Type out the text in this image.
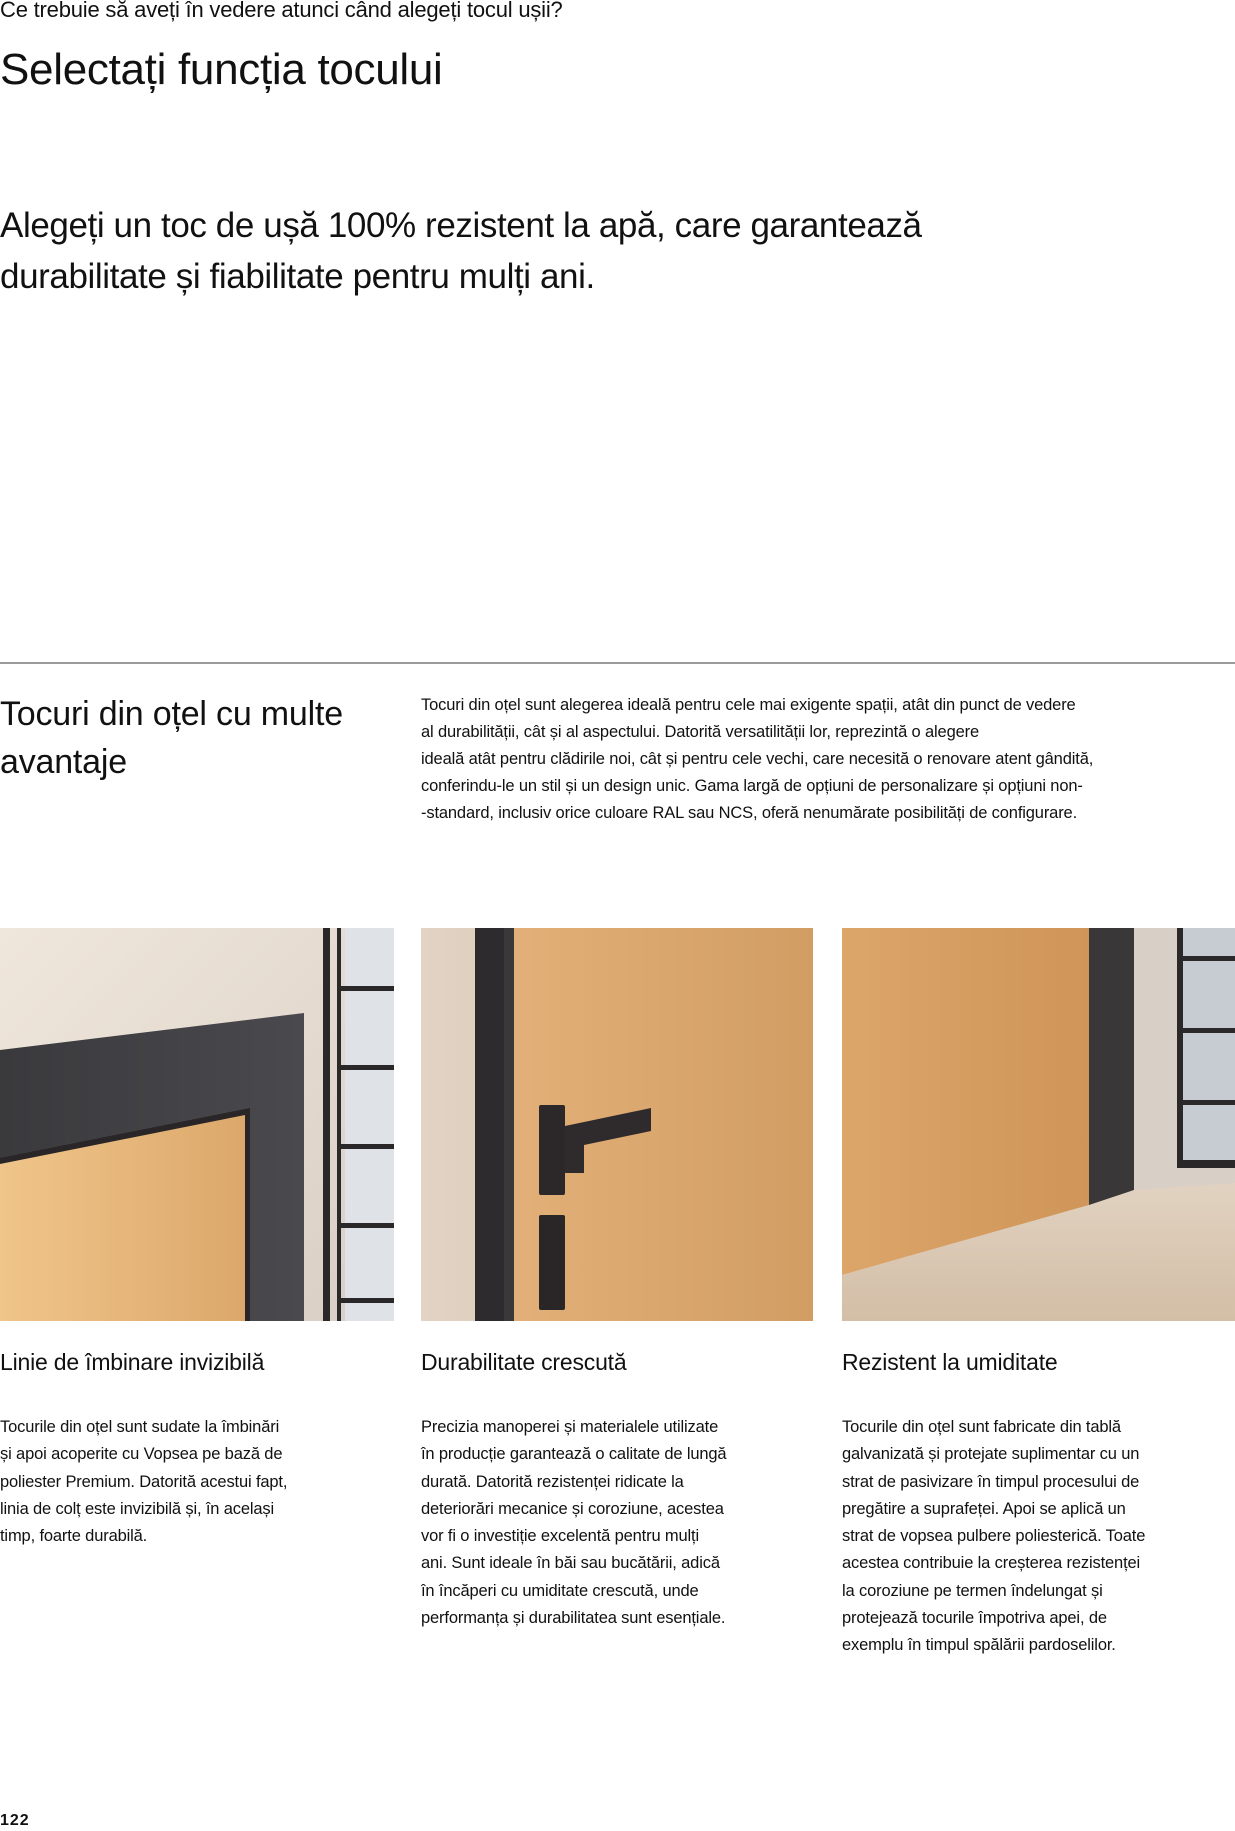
Ce trebuie să aveți în vedere atunci când alegeți tocul ușii?
Selectați funcția tocului
Alegeți un toc de ușă 100% rezistent la apă, care garantează
durabilitate și fiabilitate pentru mulți ani.
Tocuri din oțel cu multe
avantaje
Tocuri din oțel sunt alegerea ideală pentru cele mai exigente spații, atât din punct de vedere
al durabilității, cât și al aspectului. Datorită versatilității lor, reprezintă o alegere
ideală atât pentru clădirile noi, cât și pentru cele vechi, care necesită o renovare atent gândită,
conferindu-le un stil și un design unic. Gama largă de opțiuni de personalizare și opțiuni non-
-standard, inclusiv orice culoare RAL sau NCS, oferă nenumărate posibilități de configurare.
Linie de îmbinare invizibilă
Tocurile din oțel sunt sudate la îmbinări
și apoi acoperite cu Vopsea pe bază de
poliester Premium. Datorită acestui fapt,
linia de colț este invizibilă și, în același
timp, foarte durabilă.
Durabilitate crescută
Precizia manoperei și materialele utilizate
în producție garantează o calitate de lungă
durată. Datorită rezistenței ridicate la
deteriorări mecanice și coroziune, acestea
vor fi o investiție excelentă pentru mulți
ani. Sunt ideale în băi sau bucătării, adică
în încăperi cu umiditate crescută, unde
performanța și durabilitatea sunt esențiale.
Rezistent la umiditate
Tocurile din oțel sunt fabricate din tablă
galvanizată și protejate suplimentar cu un
strat de pasivizare în timpul procesului de
pregătire a suprafeței. Apoi se aplică un
strat de vopsea pulbere poliesterică. Toate
acestea contribuie la creșterea rezistenței
la coroziune pe termen îndelungat și
protejează tocurile împotriva apei, de
exemplu în timpul spălării pardoselilor.
122
